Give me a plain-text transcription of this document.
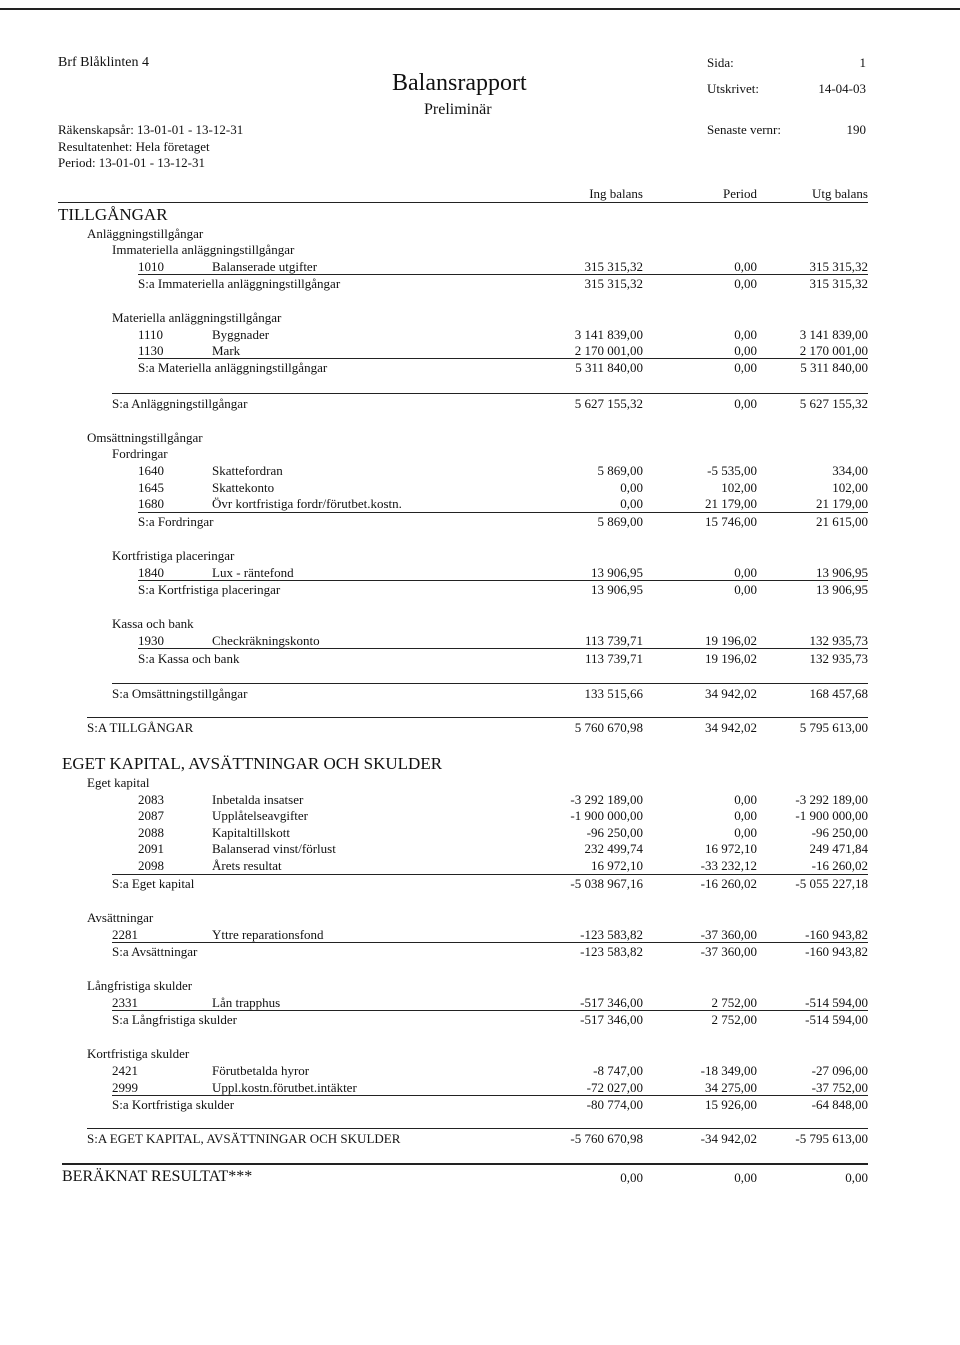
Brf Blåklinten 4
Balansrapport
Preliminär
Räkenskapsår: 13-01-01 - 13-12-31
Resultatenhet: Hela företaget
Period: 13-01-01 - 13-12-31
Sida:	1
Utskrivet:	14-04-03
Senaste vernr:	190
Ing balans	Period	Utg balans
TILLGÅNGAR
Anläggningstillgångar
Immateriella anläggningstillgångar
1010	Balanserade utgifter	315 315,32	0,00	315 315,32
S:a Immateriella anläggningstillgångar	315 315,32	0,00	315 315,32
Materiella anläggningstillgångar
1110	Byggnader	3 141 839,00	0,00	3 141 839,00
1130	Mark	2 170 001,00	0,00	2 170 001,00
S:a Materiella anläggningstillgångar	5 311 840,00	0,00	5 311 840,00
S:a Anläggningstillgångar	5 627 155,32	0,00	5 627 155,32
Omsättningstillgångar
Fordringar
1640	Skattefordran	5 869,00	-5 535,00	334,00
1645	Skattekonto	0,00	102,00	102,00
1680	Övr kortfristiga fordr/förutbet.kostn.	0,00	21 179,00	21 179,00
S:a Fordringar	5 869,00	15 746,00	21 615,00
Kortfristiga placeringar
1840	Lux - räntefond	13 906,95	0,00	13 906,95
S:a Kortfristiga placeringar	13 906,95	0,00	13 906,95
Kassa och bank
1930	Checkräkningskonto	113 739,71	19 196,02	132 935,73
S:a Kassa och bank	113 739,71	19 196,02	132 935,73
S:a Omsättningstillgångar	133 515,66	34 942,02	168 457,68
S:A TILLGÅNGAR	5 760 670,98	34 942,02	5 795 613,00
EGET KAPITAL, AVSÄTTNINGAR OCH SKULDER
Eget kapital
2083	Inbetalda insatser	-3 292 189,00	0,00	-3 292 189,00
2087	Upplåtelseavgifter	-1 900 000,00	0,00	-1 900 000,00
2088	Kapitaltillskott	-96 250,00	0,00	-96 250,00
2091	Balanserad vinst/förlust	232 499,74	16 972,10	249 471,84
2098	Årets resultat	16 972,10	-33 232,12	-16 260,02
S:a Eget kapital	-5 038 967,16	-16 260,02	-5 055 227,18
Avsättningar
2281	Yttre reparationsfond	-123 583,82	-37 360,00	-160 943,82
S:a Avsättningar	-123 583,82	-37 360,00	-160 943,82
Långfristiga skulder
2331	Lån trapphus	-517 346,00	2 752,00	-514 594,00
S:a Långfristiga skulder	-517 346,00	2 752,00	-514 594,00
Kortfristiga skulder
2421	Förutbetalda hyror	-8 747,00	-18 349,00	-27 096,00
2999	Uppl.kostn.förutbet.intäkter	-72 027,00	34 275,00	-37 752,00
S:a Kortfristiga skulder	-80 774,00	15 926,00	-64 848,00
S:A EGET KAPITAL, AVSÄTTNINGAR OCH SKULDER	-5 760 670,98	-34 942,02	-5 795 613,00
BERÄKNAT RESULTAT***	0,00	0,00	0,00
